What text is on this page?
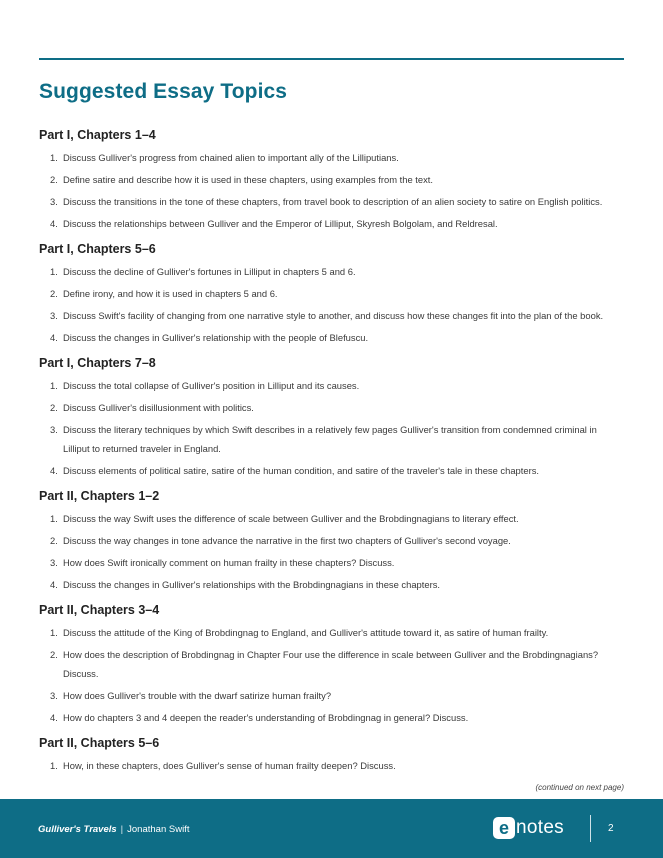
Suggested Essay Topics
Part I, Chapters 1–4
1. Discuss Gulliver's progress from chained alien to important ally of the Lilliputians.
2. Define satire and describe how it is used in these chapters, using examples from the text.
3. Discuss the transitions in the tone of these chapters, from travel book to description of an alien society to satire on English politics.
4. Discuss the relationships between Gulliver and the Emperor of Lilliput, Skyresh Bolgolam, and Reldresal.
Part I, Chapters 5–6
1. Discuss the decline of Gulliver's fortunes in Lilliput in chapters 5 and 6.
2. Define irony, and how it is used in chapters 5 and 6.
3. Discuss Swift's facility of changing from one narrative style to another, and discuss how these changes fit into the plan of the book.
4. Discuss the changes in Gulliver's relationship with the people of Blefuscu.
Part I, Chapters 7–8
1. Discuss the total collapse of Gulliver's position in Lilliput and its causes.
2. Discuss Gulliver's disillusionment with politics.
3. Discuss the literary techniques by which Swift describes in a relatively few pages Gulliver's transition from condemned criminal in Lilliput to returned traveler in England.
4. Discuss elements of political satire, satire of the human condition, and satire of the traveler's tale in these chapters.
Part II, Chapters 1–2
1. Discuss the way Swift uses the difference of scale between Gulliver and the Brobdingnagians to literary effect.
2. Discuss the way changes in tone advance the narrative in the first two chapters of Gulliver's second voyage.
3. How does Swift ironically comment on human frailty in these chapters? Discuss.
4. Discuss the changes in Gulliver's relationships with the Brobdingnagians in these chapters.
Part II, Chapters 3–4
1. Discuss the attitude of the King of Brobdingnag to England, and Gulliver's attitude toward it, as satire of human frailty.
2. How does the description of Brobdingnag in Chapter Four use the difference in scale between Gulliver and the Brobdingnagians? Discuss.
3. How does Gulliver's trouble with the dwarf satirize human frailty?
4. How do chapters 3 and 4 deepen the reader's understanding of Brobdingnag in general? Discuss.
Part II, Chapters 5–6
1. How, in these chapters, does Gulliver's sense of human frailty deepen? Discuss.
(continued on next page)
Gulliver's Travels | Jonathan Swift	e notes	2
